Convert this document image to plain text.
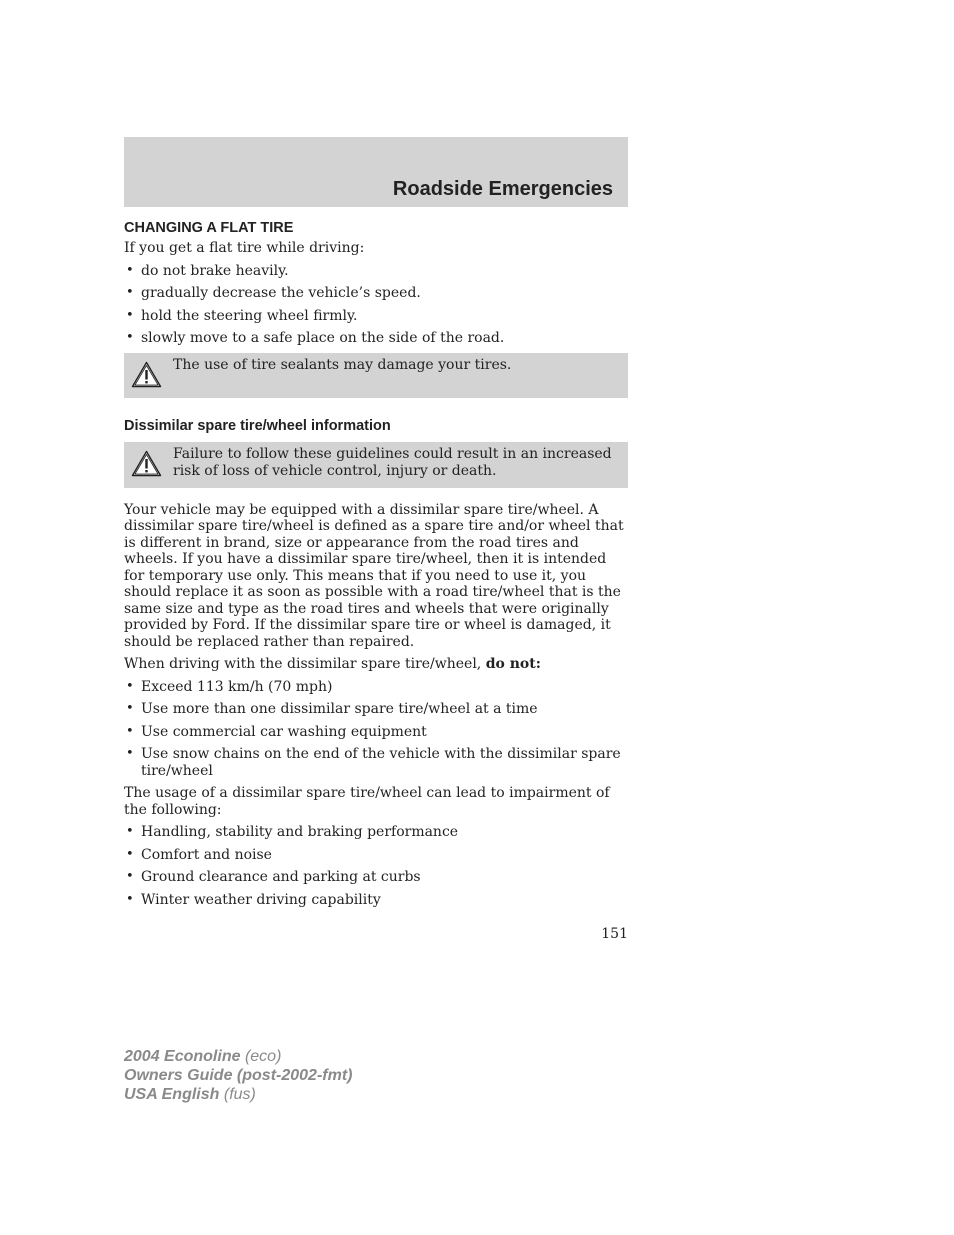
Roadside Emergencies
CHANGING A FLAT TIRE
If you get a flat tire while driving:
• do not brake heavily.
• gradually decrease the vehicle’s speed.
• hold the steering wheel firmly.
• slowly move to a safe place on the side of the road.
The use of tire sealants may damage your tires.
Dissimilar spare tire/wheel information
Failure to follow these guidelines could result in an increased risk of loss of vehicle control, injury or death.
Your vehicle may be equipped with a dissimilar spare tire/wheel. A dissimilar spare tire/wheel is defined as a spare tire and/or wheel that is different in brand, size or appearance from the road tires and wheels. If you have a dissimilar spare tire/wheel, then it is intended for temporary use only. This means that if you need to use it, you should replace it as soon as possible with a road tire/wheel that is the same size and type as the road tires and wheels that were originally provided by Ford. If the dissimilar spare tire or wheel is damaged, it should be replaced rather than repaired.
When driving with the dissimilar spare tire/wheel, do not:
• Exceed 113 km/h (70 mph)
• Use more than one dissimilar spare tire/wheel at a time
• Use commercial car washing equipment
• Use snow chains on the end of the vehicle with the dissimilar spare tire/wheel
The usage of a dissimilar spare tire/wheel can lead to impairment of the following:
• Handling, stability and braking performance
• Comfort and noise
• Ground clearance and parking at curbs
• Winter weather driving capability
151
2004 Econoline (eco)
Owners Guide (post-2002-fmt)
USA English (fus)
